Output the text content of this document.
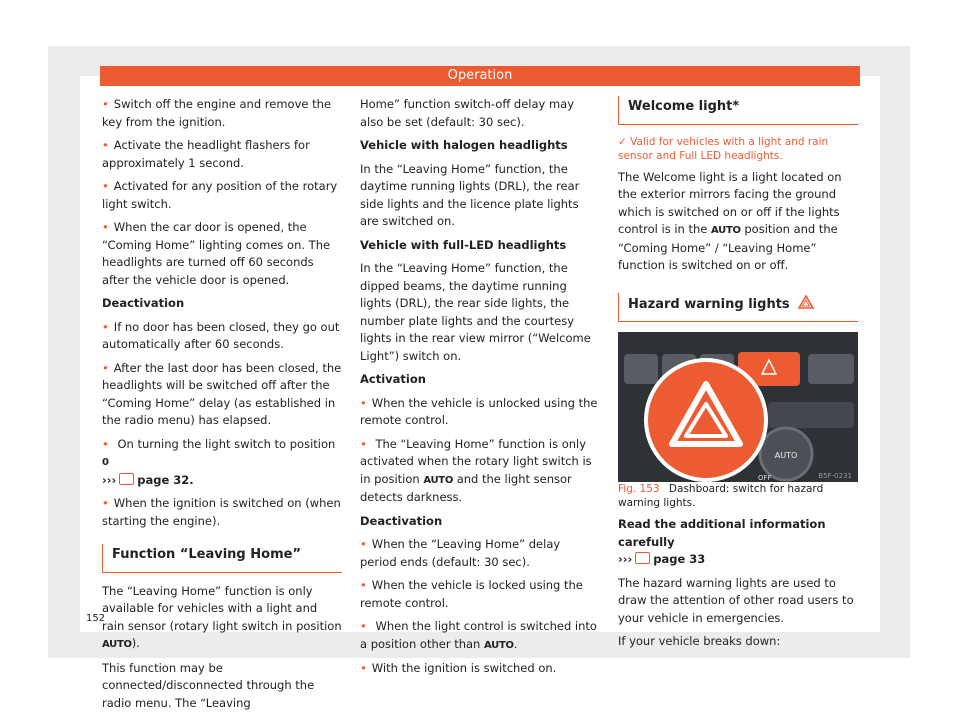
Operation

• Switch off the engine and remove the key from the ignition.

• Activate the headlight flashers for approximately 1 second.

• Activated for any position of the rotary light switch.

• When the car door is opened, the “Coming Home” lighting comes on. The headlights are turned off 60 seconds after the vehicle door is opened.

Deactivation

• If no door has been closed, they go out automatically after 60 seconds.

• After the last door has been closed, the headlights will be switched off after the “Coming Home” delay (as established in the radio menu) has elapsed.

• On turning the light switch to position 0
››› page 32.

• When the ignition is switched on (when starting the engine).

Function “Leaving Home”

The “Leaving Home” function is only available for vehicles with a light and rain sensor (rotary light switch in position AUTO).

This function may be connected/disconnected through the radio menu. The “Leaving

Home” function switch-off delay may also be set (default: 30 sec).

Vehicle with halogen headlights

In the “Leaving Home” function, the daytime running lights (DRL), the rear side lights and the licence plate lights are switched on.

Vehicle with full-LED headlights

In the “Leaving Home” function, the dipped beams, the daytime running lights (DRL), the rear side lights, the number plate lights and the courtesy lights in the rear view mirror (“Welcome Light”) switch on.

Activation

• When the vehicle is unlocked using the remote control.

• The “Leaving Home” function is only activated when the rotary light switch is in position AUTO and the light sensor detects darkness.

Deactivation

• When the “Leaving Home” delay period ends (default: 30 sec).

• When the vehicle is locked using the remote control.

• When the light control is switched into a position other than AUTO.

• With the ignition is switched on.

Welcome light*

✓ Valid for vehicles with a light and rain sensor and Full LED headlights.

The Welcome light is a light located on the exterior mirrors facing the ground which is switched on or off if the lights control is in the AUTO position and the “Coming Home” / “Leaving Home” function is switched on or off.

Hazard warning lights
AUTO
OFF	B5F-0231

Fig. 153 Dashboard: switch for hazard warning lights.

Read the additional information carefully
››› page 33

The hazard warning lights are used to draw the attention of other road users to your vehicle in emergencies.

If your vehicle breaks down:

152
